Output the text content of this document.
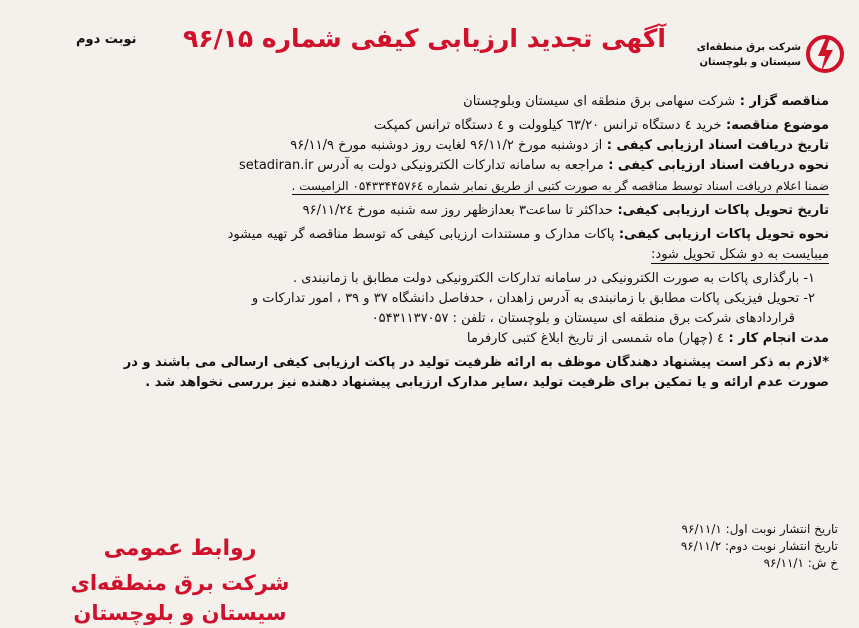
نوبت دوم
شرکت برق منطقه‌ای
سیستان و بلوچستان
آگهی تجدید ارزیابی کیفی شماره ۹۶/۱۵
مناقصه گزار : شرکت سهامی برق منطقه ای سیستان وبلوچستان
موضوع مناقصه: خرید ٤ دستگاه ترانس ٦٣/٢٠ کیلوولت و ٤ دستگاه ترانس کمپکت
تاریخ دریافت اسناد ارزیابی کیفی : از دوشنبه مورخ ۹۶/۱۱/۲ لغایت روز دوشنبه مورخ ۹۶/۱۱/۹
نحوه دریافت اسناد ارزیابی کیفی : مراجعه به سامانه تدارکات الکترونیکی دولت به آدرس setadiran.ir
ضمنا اعلام دریافت اسناد توسط مناقصه گر به صورت کتبی از طریق نمابر شماره ۰۵۴۳۳۴۴۵۷۶٤ الزامیست .
تاریخ تحویل پاکات ارزیابی کیفی: حداکثر تا ساعت۳ بعدازظهر روز سه شنبه مورخ ۹۶/۱۱/۲٤
نحوه تحویل پاکات ارزیابی کیفی: پاکات مدارک و مستندات ارزیابی کیفی که توسط مناقصه گر تهیه میشود
میبایست به دو شکل تحویل شود:
۱- بارگذاری پاکات به صورت الکترونیکی در سامانه تدارکات الکترونیکی دولت مطابق با زمانبندی .
۲- تحویل فیزیکی پاکات مطابق با زمانبندی به آدرس زاهدان ، حدفاصل دانشگاه ۳۷ و ۳۹ ، امور تدارکات و
قراردادهای شرکت برق منطقه ای سیستان و بلوچستان ، تلفن : ۰۵۴۳۱۱۳۷۰۵۷
مدت انجام کار : ٤ (چهار) ماه شمسی از تاریخ ابلاغ کتبی کارفرما
*لازم به ذکر است پیشنهاد دهندگان موظف به ارائه ظرفیت تولید در پاکت ارزیابی کیفی ارسالی می باشند و در
صورت عدم ارائه و یا تمکین برای ظرفیت تولید ،سایر مدارک ارزیابی پیشنهاد دهنده نیز بررسی نخواهد شد .
تاریخ انتشار نوبت اول: ۹۶/۱۱/۱
تاریخ انتشار نوبت دوم: ۹۶/۱۱/۲
خ ش: ۹۶/۱۱/۱
روابط عمومی
شرکت برق منطقه‌ای سیستان و بلوچستان
